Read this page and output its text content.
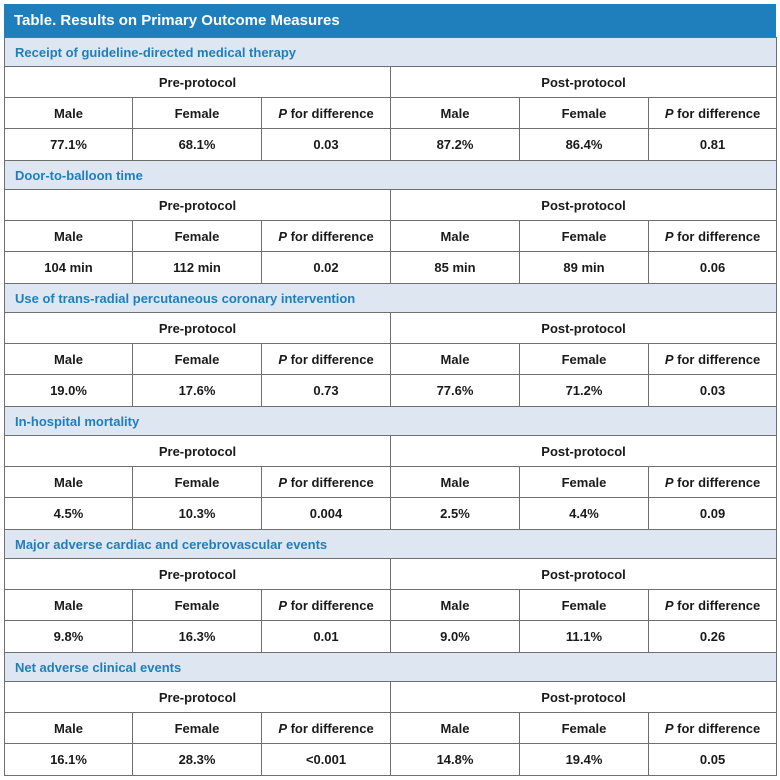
Table. Results on Primary Outcome Measures
Receipt of guideline-directed medical therapy					
Pre-protocol			Post-protocol		
Male	Female	P for difference	Male	Female	P for difference
77.1%	68.1%	0.03	87.2%	86.4%	0.81
Door-to-balloon time					
Pre-protocol			Post-protocol		
Male	Female	P for difference	Male	Female	P for difference
104 min	112 min	0.02	85 min	89 min	0.06
Use of trans-radial percutaneous coronary intervention					
Pre-protocol			Post-protocol		
Male	Female	P for difference	Male	Female	P for difference
19.0%	17.6%	0.73	77.6%	71.2%	0.03
In-hospital mortality					
Pre-protocol			Post-protocol		
Male	Female	P for difference	Male	Female	P for difference
4.5%	10.3%	0.004	2.5%	4.4%	0.09
Major adverse cardiac and cerebrovascular events					
Pre-protocol			Post-protocol		
Male	Female	P for difference	Male	Female	P for difference
9.8%	16.3%	0.01	9.0%	11.1%	0.26
Net adverse clinical events					
Pre-protocol			Post-protocol		
Male	Female	P for difference	Male	Female	P for difference
16.1%	28.3%	<0.001	14.8%	19.4%	0.05
